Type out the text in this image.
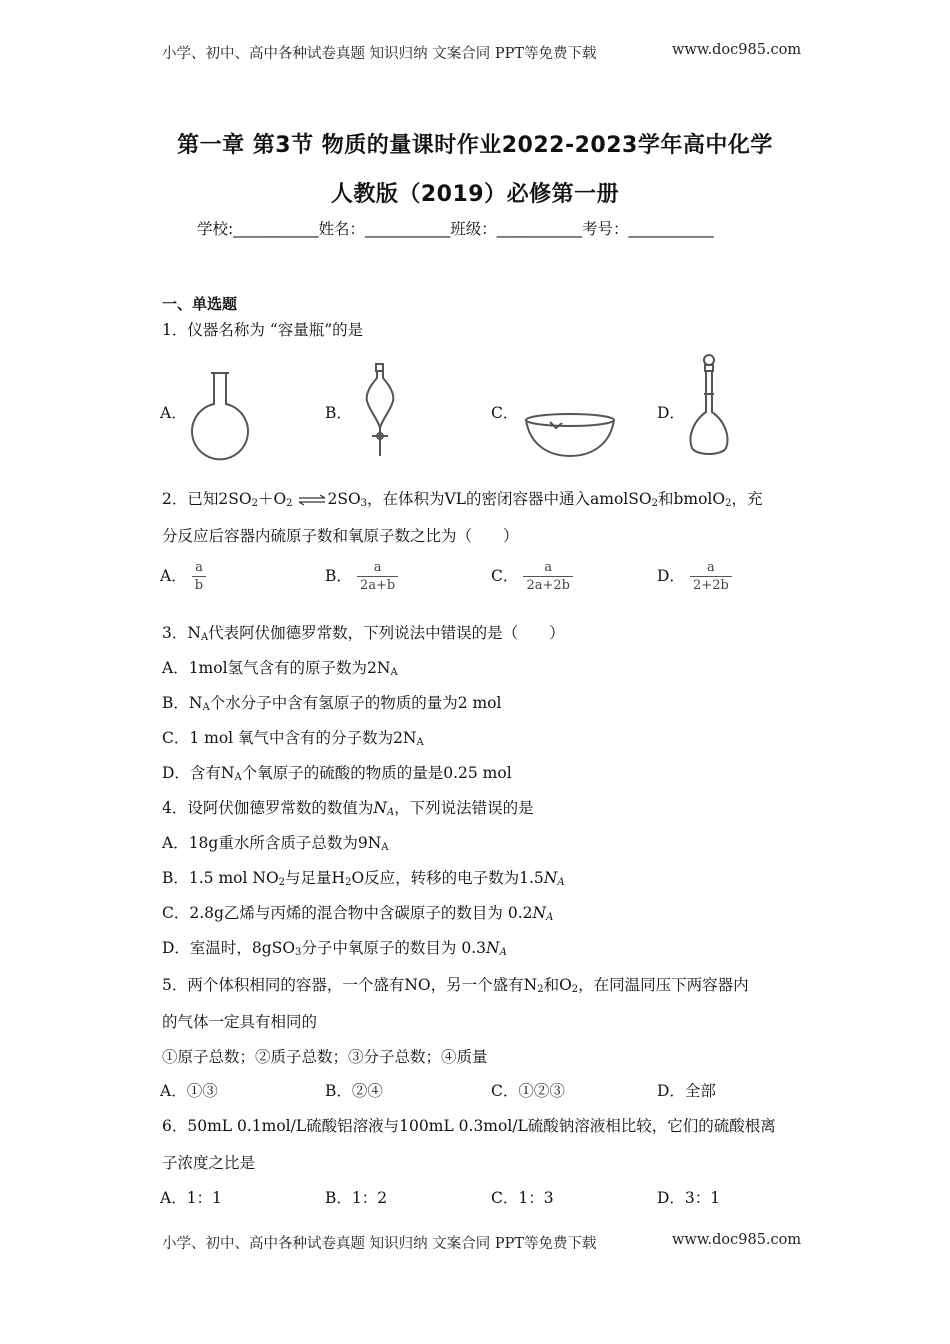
小学、初中、高中各种试卷真题 知识归纳 文案合同 PPT等免费下载	www.doc985.com
第一章 第3节 物质的量课时作业2022-2023学年高中化学
人教版（2019）必修第一册
学校:___________姓名：___________班级：___________考号：___________
一、单选题
1．仪器名称为 “容量瓶”的是
A．	B．	C．	D．
2．已知$2SO_2+O_2$ $\rightleftharpoons 2SO_3$，在体积为VL的密闭容器中通入amolSO$_2$和bmolO$_2$，充
分反应后容器内硫原子数和氧原子数之比为（　　）
A． $\frac{a}{b}$	B． $\frac{a}{2a+b}$	C． $\frac{a}{2a+2b}$	D． $\frac{a}{2+2b}$
3．$N_A$代表阿伏伽德罗常数，下列说法中错误的是（　　）
A．1mol氢气含有的原子数为$2N_A$
B．$N_A$个水分子中含有氢原子的物质的量为2 mol
C．1 mol 氧气中含有的分子数为$2N_A$
D．含有$N_A$个氧原子的硫酸的物质的量是0.25 mol
4．设阿伏伽德罗常数的数值为$N_A$，下列说法错误的是
A．18g重水所含质子总数为$9N_A$
B．1.5 mol $NO_2$与足量$H_2O$反应，转移的电子数为$1.5N_A$
C．2.8g乙烯与丙烯的混合物中含碳原子的数目为 $0.2N_A$
D．室温时，8gSO$_3$分子中氧原子的数目为 $0.3N_A$
5．两个体积相同的容器，一个盛有NO，另一个盛有$N_2$和$O_2$，在同温同压下两容器内
的气体一定具有相同的
①原子总数；②质子总数；③分子总数；④质量
A．①③	B．②④	C．①②③	D．全部
6．50mL 0.1mol/L硫酸铝溶液与100mL 0.3mol/L硫酸钠溶液相比较，它们的硫酸根离
子浓度之比是
A．1：1	B．1：2	C．1：3	D．3：1
小学、初中、高中各种试卷真题 知识归纳 文案合同 PPT等免费下载	www.doc985.com
